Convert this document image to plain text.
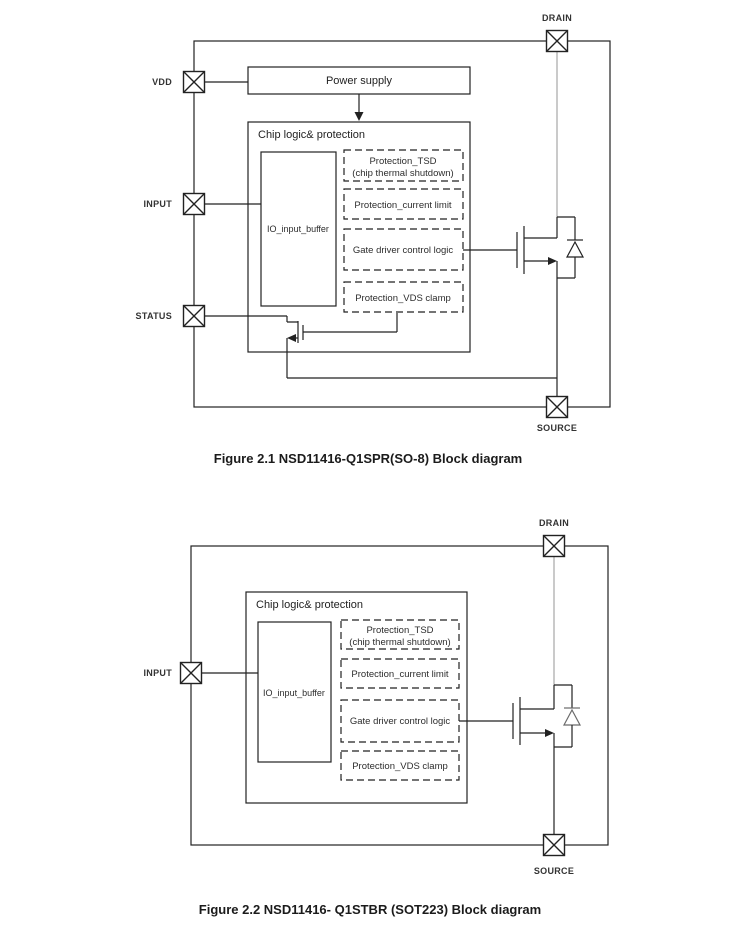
VDD
INPUT
STATUS
DRAIN
SOURCE
Power supply
Chip logic& protection
IO_input_buffer
Protection_TSD
(chip thermal shutdown)
Protection_current limit
Gate driver control logic
Protection_VDS clamp
Figure 2.1 NSD11416-Q1SPR(SO-8) Block diagram
INPUT
DRAIN
SOURCE
Chip logic& protection
IO_input_buffer
Protection_TSD
(chip thermal shutdown)
Protection_current limit
Gate driver control logic
Protection_VDS clamp
Figure 2.2 NSD11416- Q1STBR (SOT223) Block diagram
